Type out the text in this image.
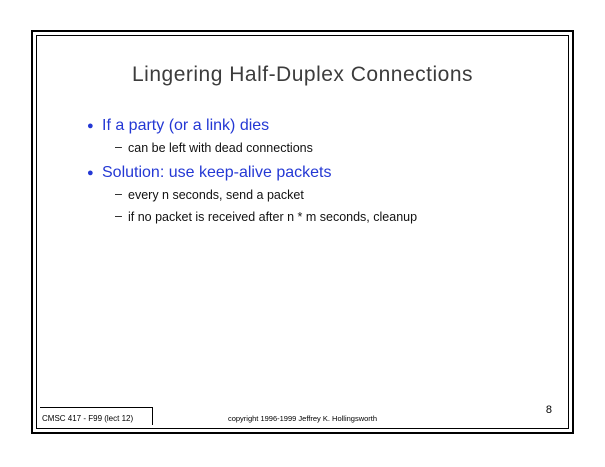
Lingering Half-Duplex Connections
● If a party (or a link) dies
– can be left with dead connections
● Solution: use keep-alive packets
– every n seconds, send a packet
– if no packet is received after n * m seconds, cleanup
CMSC 417 - F99 (lect 12)	copyright 1996-1999 Jeffrey K. Hollingsworth
8
